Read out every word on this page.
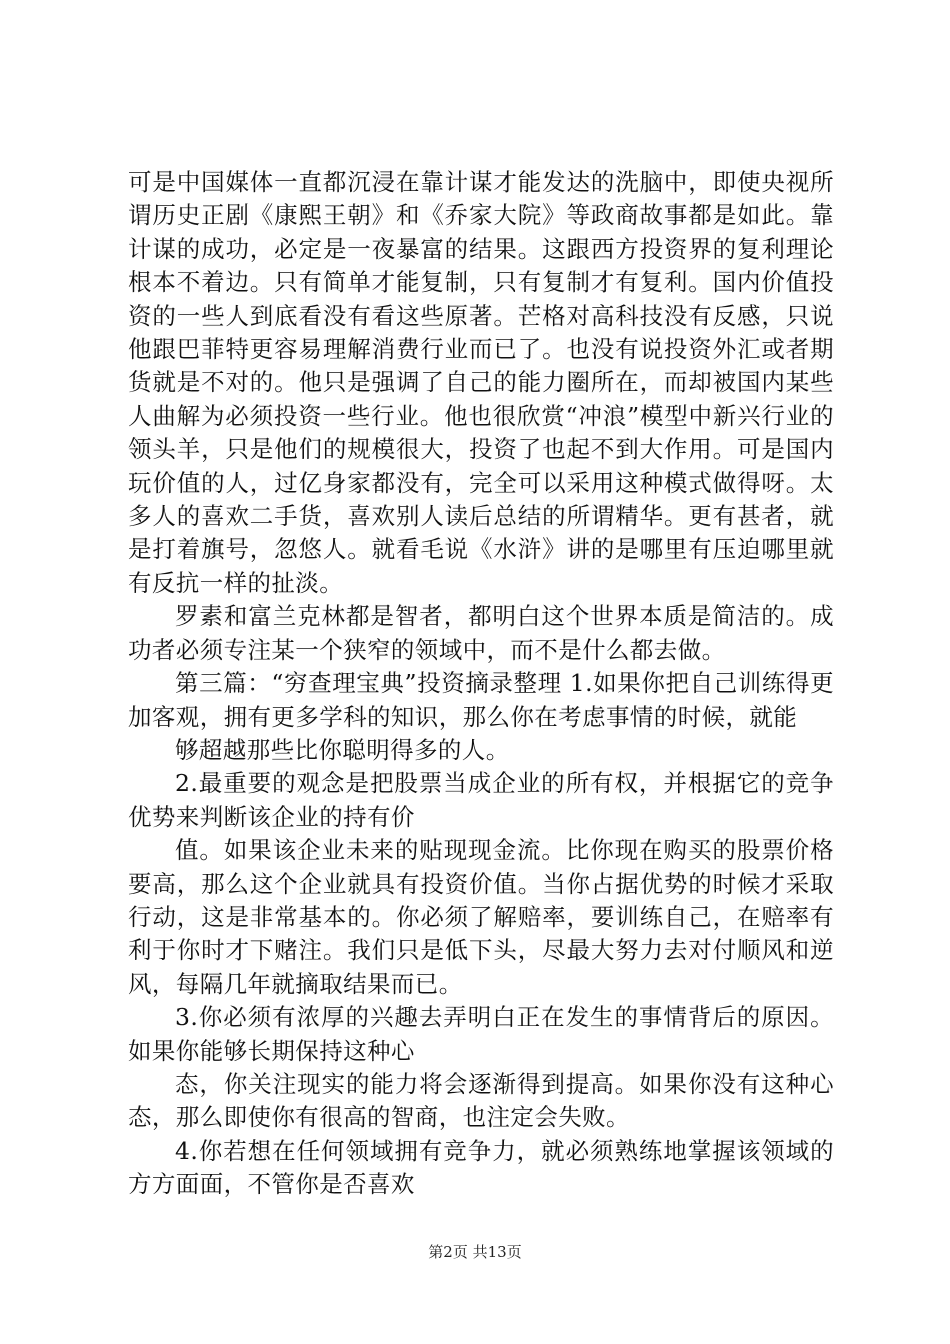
可是中国媒体一直都沉浸在靠计谋才能发达的洗脑中，即使央视所谓历史正剧《康熙王朝》和《乔家大院》等政商故事都是如此。靠计谋的成功，必定是一夜暴富的结果。这跟西方投资界的复利理论根本不着边。只有简单才能复制，只有复制才有复利。国内价值投资的一些人到底看没有看这些原著。芒格对高科技没有反感，只说他跟巴菲特更容易理解消费行业而已了。也没有说投资外汇或者期货就是不对的。他只是强调了自己的能力圈所在，而却被国内某些人曲解为必须投资一些行业。他也很欣赏“冲浪”模型中新兴行业的领头羊，只是他们的规模很大，投资了也起不到大作用。可是国内玩价值的人，过亿身家都没有，完全可以采用这种模式做得呀。太多人的喜欢二手货，喜欢别人读后总结的所谓精华。更有甚者，就是打着旗号，忽悠人。就看毛说《水浒》讲的是哪里有压迫哪里就有反抗一样的扯淡。

罗素和富兰克林都是智者，都明白这个世界本质是简洁的。成功者必须专注某一个狭窄的领域中，而不是什么都去做。

第三篇：“穷查理宝典”投资摘录整理 1.如果你把自己训练得更加客观，拥有更多学科的知识，那么你在考虑事情的时候，就能

够超越那些比你聪明得多的人。

2.最重要的观念是把股票当成企业的所有权，并根据它的竞争优势来判断该企业的持有价

值。如果该企业未来的贴现现金流。比你现在购买的股票价格要高，那么这个企业就具有投资价值。当你占据优势的时候才采取行动，这是非常基本的。你必须了解赔率，要训练自己，在赔率有利于你时才下赌注。我们只是低下头，尽最大努力去对付顺风和逆风，每隔几年就摘取结果而已。

3.你必须有浓厚的兴趣去弄明白正在发生的事情背后的原因。如果你能够长期保持这种心

态，你关注现实的能力将会逐渐得到提高。如果你没有这种心态，那么即使你有很高的智商，也注定会失败。

4.你若想在任何领域拥有竞争力，就必须熟练地掌握该领域的方方面面，不管你是否喜欢

第2页 共13页
